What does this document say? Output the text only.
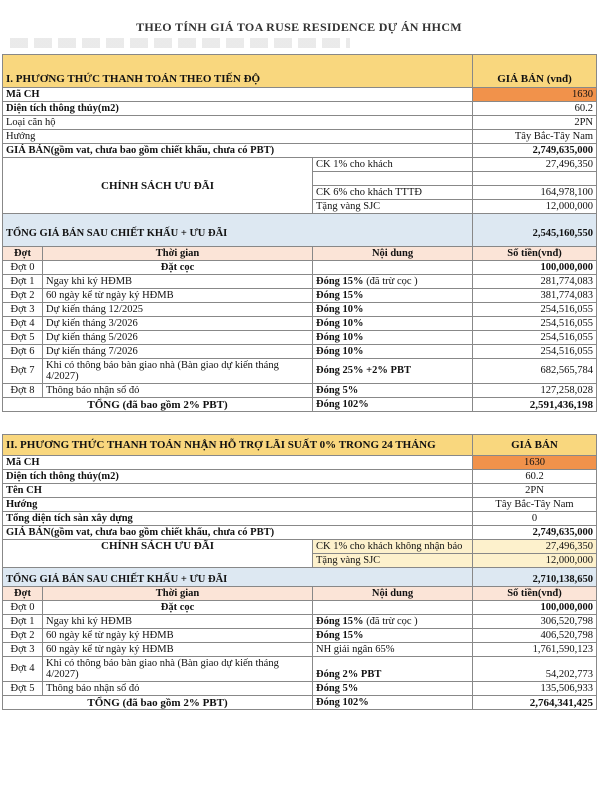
THEO TÍNH GIÁ TOA RUSE RESIDENCE DỰ ÁN HHCM
I. PHƯƠNG THỨC THANH TOÁN THEO TIẾN ĐỘ			GIÁ BÁN (vnđ)
Mã CH			1630
Diện tích thông thủy(m2)			60.2
Loại căn hộ			2PN
Hướng			Tây Bắc-Tây Nam
GIÁ BÁN(gồm vat, chưa bao gồm chiết khấu, chưa có PBT)			2,749,635,000
CHÍNH SÁCH ƯU ĐÃI		CK 1% cho khách	27,496,350

		CK 6% cho khách TTTĐ	164,978,100
		Tặng vàng SJC	12,000,000
TỔNG GIÁ BÁN SAU CHIẾT KHẤU + ƯU ĐÃI			2,545,160,550
Đợt	Thời gian	Nội dung	Số tiền(vnđ)
Đợt 0	Đặt cọc		100,000,000
Đợt 1	Ngay khi ký HĐMB	Đóng 15% (đã trừ cọc )	281,774,083
Đợt 2	60 ngày kể từ ngày ký HĐMB	Đóng 15%	381,774,083
Đợt 3	Dự kiến tháng 12/2025	Đóng 10%	254,516,055
Đợt 4	Dự kiến tháng 3/2026	Đóng 10%	254,516,055
Đợt 5	Dự kiến tháng 5/2026	Đóng 10%	254,516,055
Đợt 6	Dự kiến tháng 7/2026	Đóng 10%	254,516,055
Đợt 7	Khi có thông báo bàn giao nhà (Bàn giao dự kiến tháng 4/2027)	Đóng 25% +2% PBT	682,565,784
Đợt 8	Thông báo nhận sổ đỏ	Đóng 5%	127,258,028
TỔNG (đã bao gồm 2% PBT)		Đóng 102%	2,591,436,198

II. PHƯƠNG THỨC THANH TOÁN NHẬN HỖ TRỢ LÃI SUẤT 0% TRONG 24 THÁNG			GIÁ BÁN
Mã CH			1630
Diện tích thông thủy(m2)			60.2
Tên CH			2PN
Hướng			Tây Bắc-Tây Nam
Tổng diện tích sàn xây dựng			0
GIÁ BÁN(gồm vat, chưa bao gồm chiết khấu, chưa có PBT)			2,749,635,000
CHÍNH SÁCH ƯU ĐÃI		CK 1% cho khách không nhận bảo	27,496,350
		Tặng vàng SJC	12,000,000
TỔNG GIÁ BÁN SAU CHIẾT KHẤU + ƯU ĐÃI			2,710,138,650
Đợt	Thời gian	Nội dung	Số tiền(vnđ)
Đợt 0	Đặt cọc		100,000,000
Đợt 1	Ngay khi ký HĐMB	Đóng 15% (đã trừ cọc )	306,520,798
Đợt 2	60 ngày kể từ ngày ký HĐMB	Đóng 15%	406,520,798
Đợt 3	60 ngày kể từ ngày ký HĐMB	NH giải ngân 65%	1,761,590,123
Đợt 4	Khi có thông báo bàn giao nhà (Bàn giao dự kiến tháng 4/2027)	Đóng 2% PBT	54,202,773
Đợt 5	Thông báo nhận sổ đỏ	Đóng 5%	135,506,933
TỔNG (đã bao gồm 2% PBT)		Đóng 102%	2,764,341,425
